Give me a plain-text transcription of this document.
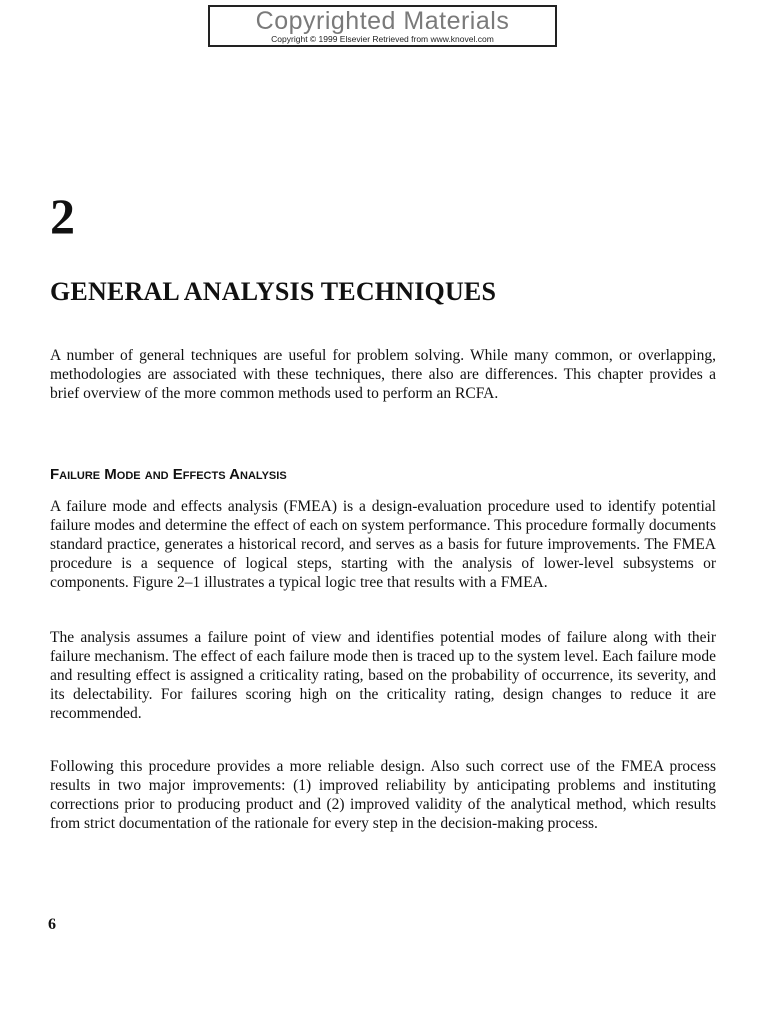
Copyrighted Materials
Copyright © 1999 Elsevier Retrieved from www.knovel.com
2
GENERAL ANALYSIS TECHNIQUES

A number of general techniques are useful for problem solving. While many common, or overlapping, methodologies are associated with these techniques, there also are differences. This chapter provides a brief overview of the more common methods used to perform an RCFA.

Failure Mode and Effects Analysis

A failure mode and effects analysis (FMEA) is a design-evaluation procedure used to identify potential failure modes and determine the effect of each on system performance. This procedure formally documents standard practice, generates a historical record, and serves as a basis for future improvements. The FMEA procedure is a sequence of logical steps, starting with the analysis of lower-level subsystems or components. Figure 2–1 illustrates a typical logic tree that results with a FMEA.

The analysis assumes a failure point of view and identifies potential modes of failure along with their failure mechanism. The effect of each failure mode then is traced up to the system level. Each failure mode and resulting effect is assigned a criticality rating, based on the probability of occurrence, its severity, and its delectability. For failures scoring high on the criticality rating, design changes to reduce it are recommended.

Following this procedure provides a more reliable design. Also such correct use of the FMEA process results in two major improvements: (1) improved reliability by anticipating problems and instituting corrections prior to producing product and (2) improved validity of the analytical method, which results from strict documentation of the rationale for every step in the decision-making process.

6
